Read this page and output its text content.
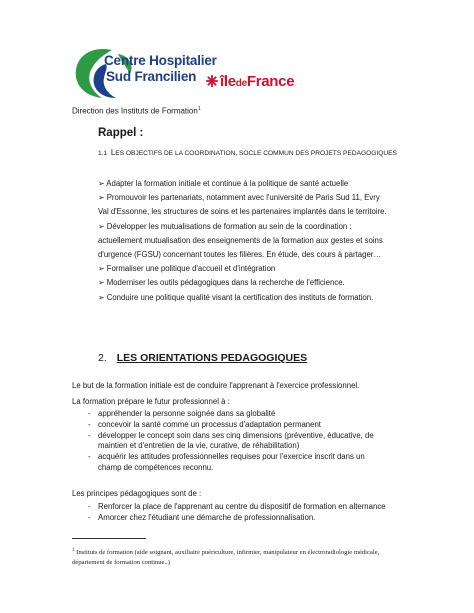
Centre Hospitalier
Sud Francilien	îledeFrance
Direction des Instituts de Formation$^1$
Rappel :
1.1 LES OBJECTIFS DE LA COORDINATION, SOCLE COMMUN DES PROJETS PEDAGOGIQUES

➢ Adapter la formation initiale et continue à la politique de santé actuelle

➢ Promouvoir les partenariats, notamment avec l'université de Paris Sud 11, Evry Val d'Essonne, les structures de soins et les partenaires implantés dans le territoire.

➢ Développer les mutualisations de formation au sein de la coordination : actuellement mutualisation des enseignements de la formation aux gestes et soins d'urgence (FGSU) concernant toutes les filières. En étude, des cours à partager…

➢ Formaliser une politique d'accueil et d'intégration

➢ Moderniser les outils pédagogiques dans la recherche de l'efficience.

➢ Conduire une politique qualité visant la certification des instituts de formation.

2. LES ORIENTATIONS PEDAGOGIQUES
Le but de la formation initiale est de conduire l'apprenant à l'exercice professionnel.
La formation prépare le futur professionnel à :
- appréhender la personne soignée dans sa globalité
- concevoir la santé comme un processus d'adaptation permanent
- développer le concept soin dans ses cinq dimensions (préventive, éducative, de maintien et d'entretien de la vie, curative, de réhabilitation)
- acquérir les attitudes professionnelles requises pour l'exercice inscrit dans un champ de compétences reconnu.
Les principes pédagogiques sont de :
- Renforcer la place de l'apprenant au centre du dispositif de formation en alternance
- Amorcer chez l'étudiant une démarche de professionnalisation.
$^1$ Instituts de formation (aide soignant, auxiliaire puériculture, infirmier, manipulateur en électroradiologie médicale, département de formation continue..)
